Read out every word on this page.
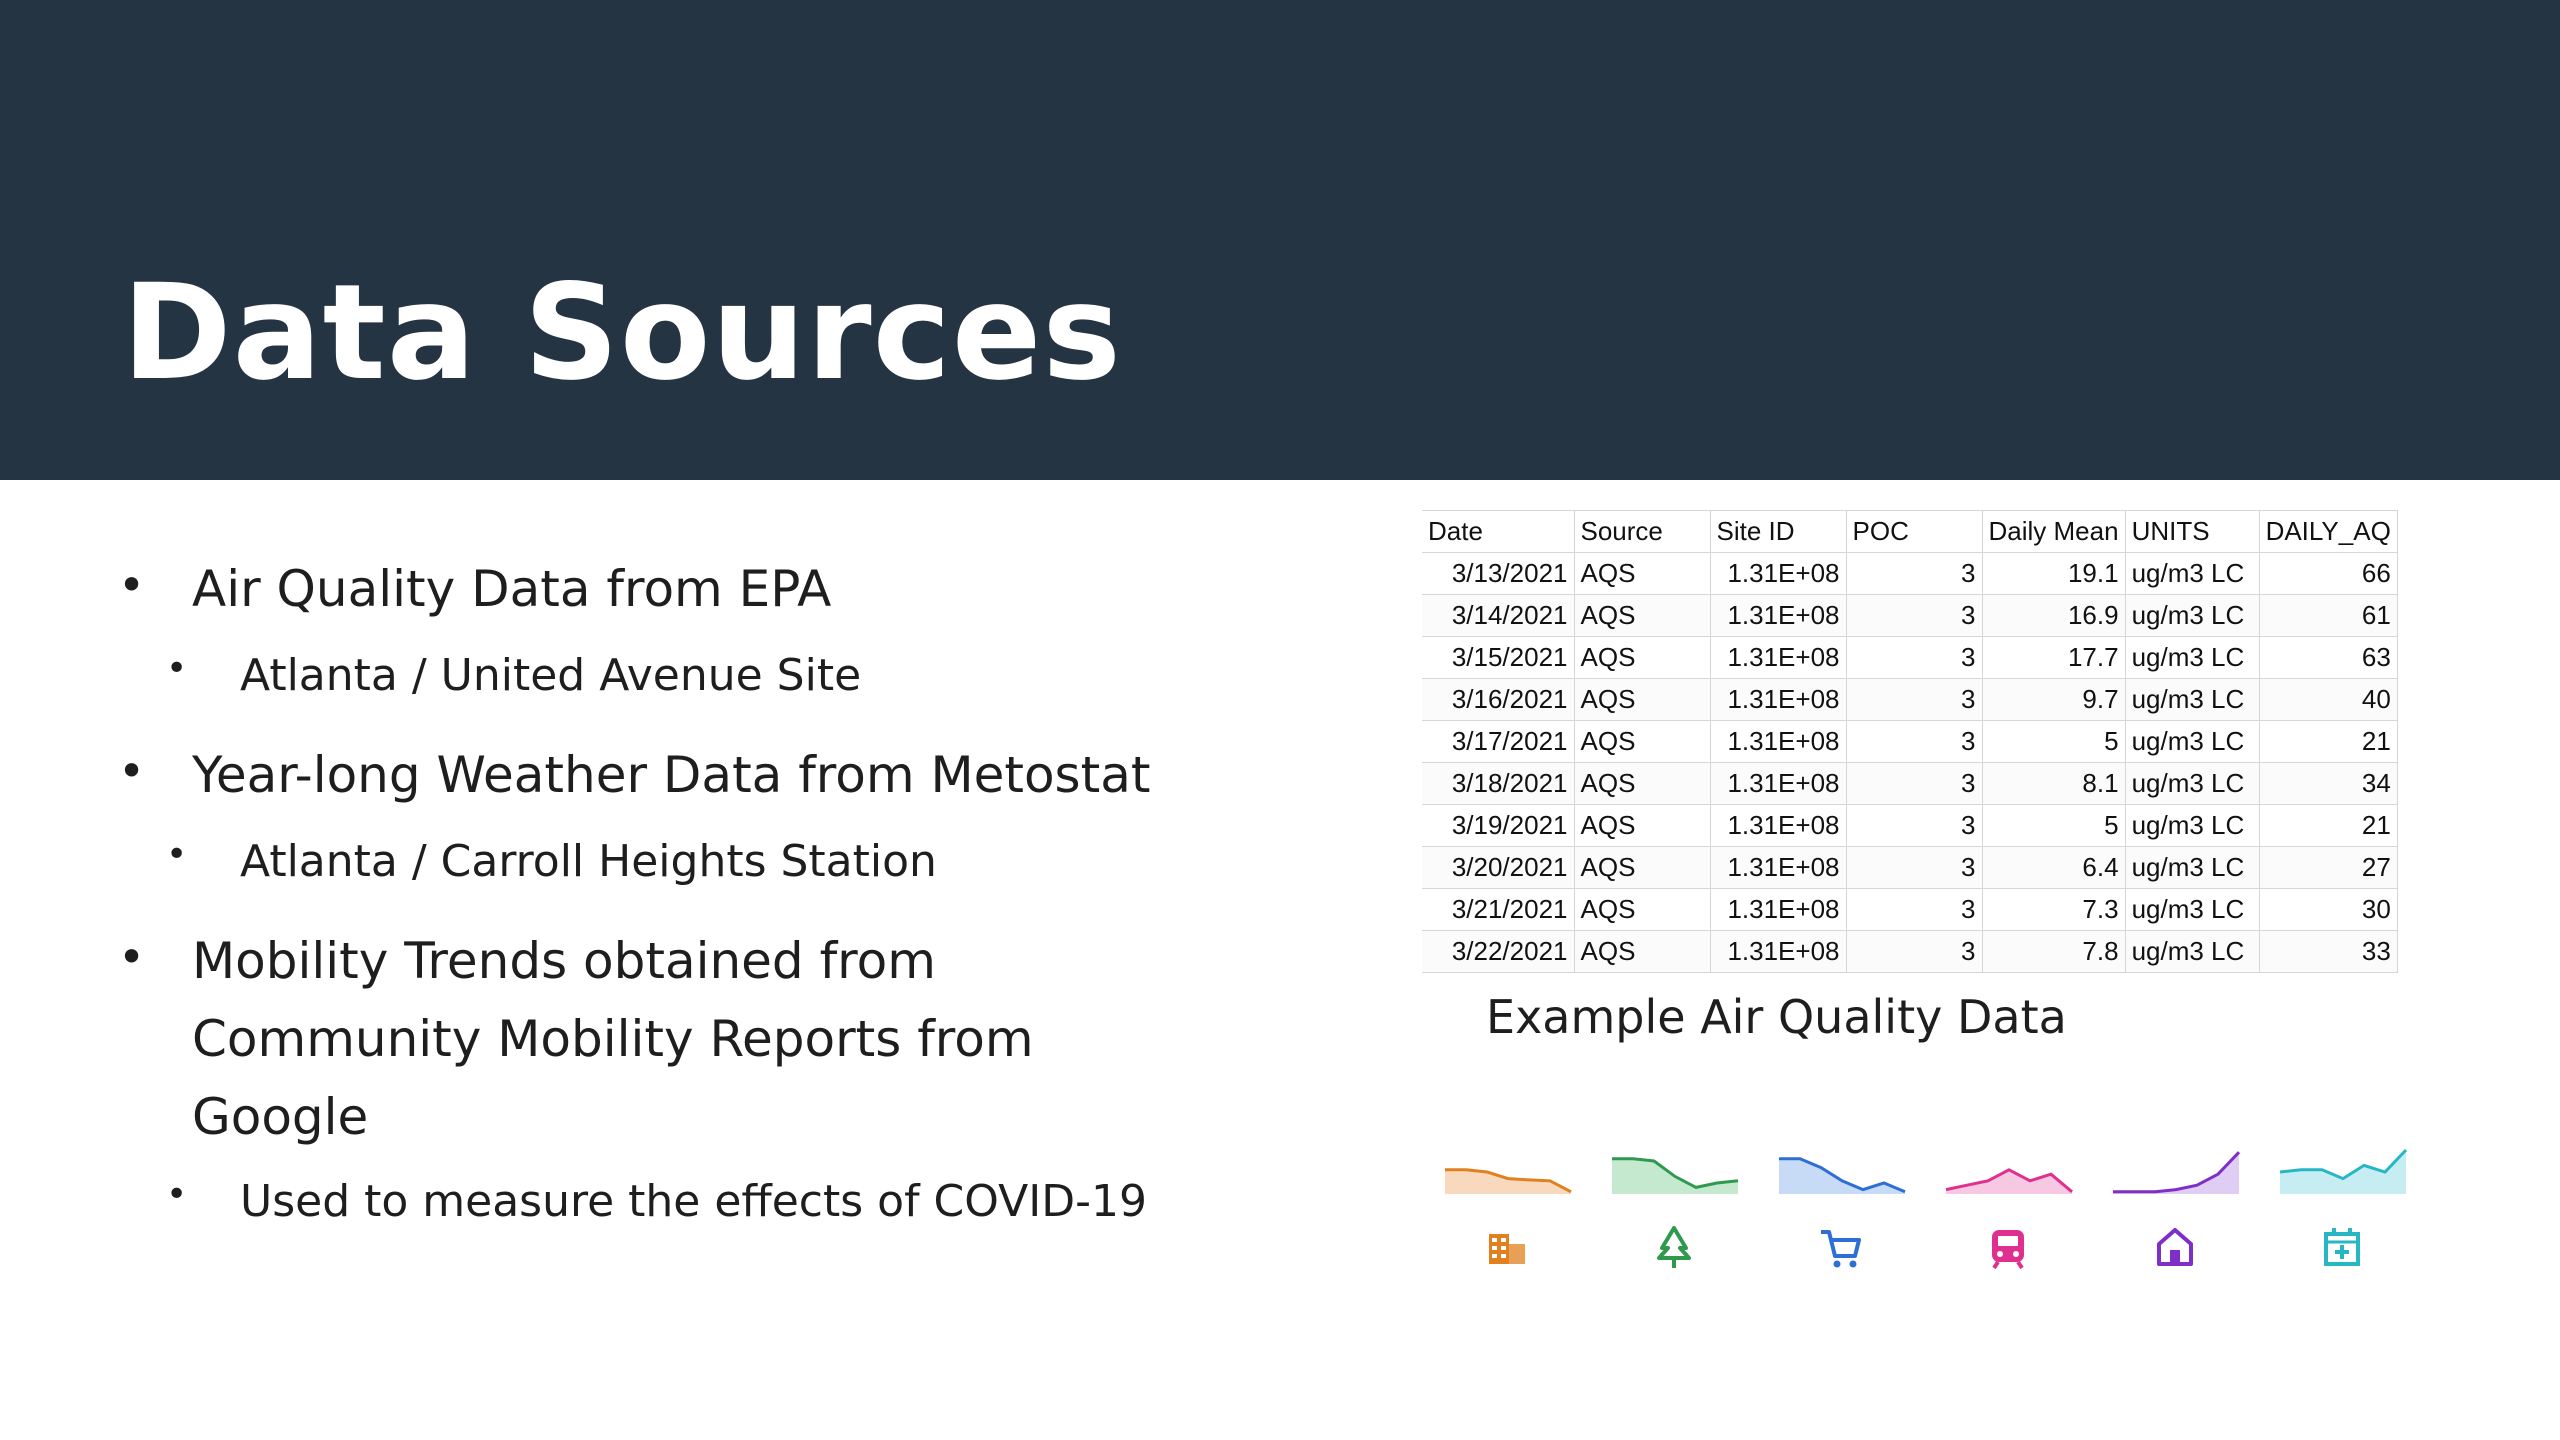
Data Sources
• Air Quality Data from EPA
• Atlanta / United Avenue Site
• Year-long Weather Data from Metostat
• Atlanta / Carroll Heights Station
• Mobility Trends obtained from
Community Mobility Reports from
Google
• Used to measure the effects of COVID-19
Date	Source	Site ID	POC	Daily Mean	UNITS	DAILY_AQ
3/13/2021	AQS	1.31E+08	3	19.1	ug/m3 LC	66
3/14/2021	AQS	1.31E+08	3	16.9	ug/m3 LC	61
3/15/2021	AQS	1.31E+08	3	17.7	ug/m3 LC	63
3/16/2021	AQS	1.31E+08	3	9.7	ug/m3 LC	40
3/17/2021	AQS	1.31E+08	3	5	ug/m3 LC	21
3/18/2021	AQS	1.31E+08	3	8.1	ug/m3 LC	34
3/19/2021	AQS	1.31E+08	3	5	ug/m3 LC	21
3/20/2021	AQS	1.31E+08	3	6.4	ug/m3 LC	27
3/21/2021	AQS	1.31E+08	3	7.3	ug/m3 LC	30
3/22/2021	AQS	1.31E+08	3	7.8	ug/m3 LC	33
Example Air Quality Data
